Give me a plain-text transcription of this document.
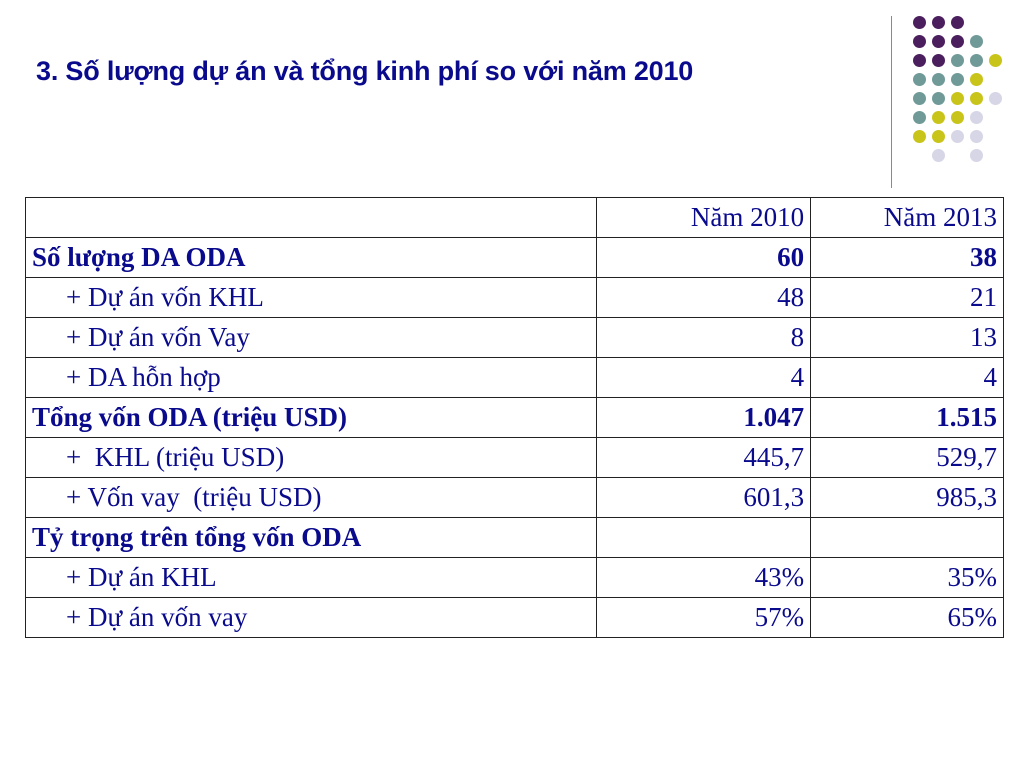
3. Số lượng dự án và tổng kinh phí so với năm 2010
	Năm 2010	Năm 2013
Số lượng DA ODA	60	38
+ Dự án vốn KHL	48	21
+ Dự án vốn Vay	8	13
+ DA hỗn hợp	4	4
Tổng vốn ODA (triệu USD)	1.047	1.515
+  KHL (triệu USD)	445,7	529,7
+ Vốn vay  (triệu USD)	601,3	985,3
Tỷ trọng trên tổng vốn ODA		
+ Dự án KHL	43%	35%
+ Dự án vốn vay	57%	65%
